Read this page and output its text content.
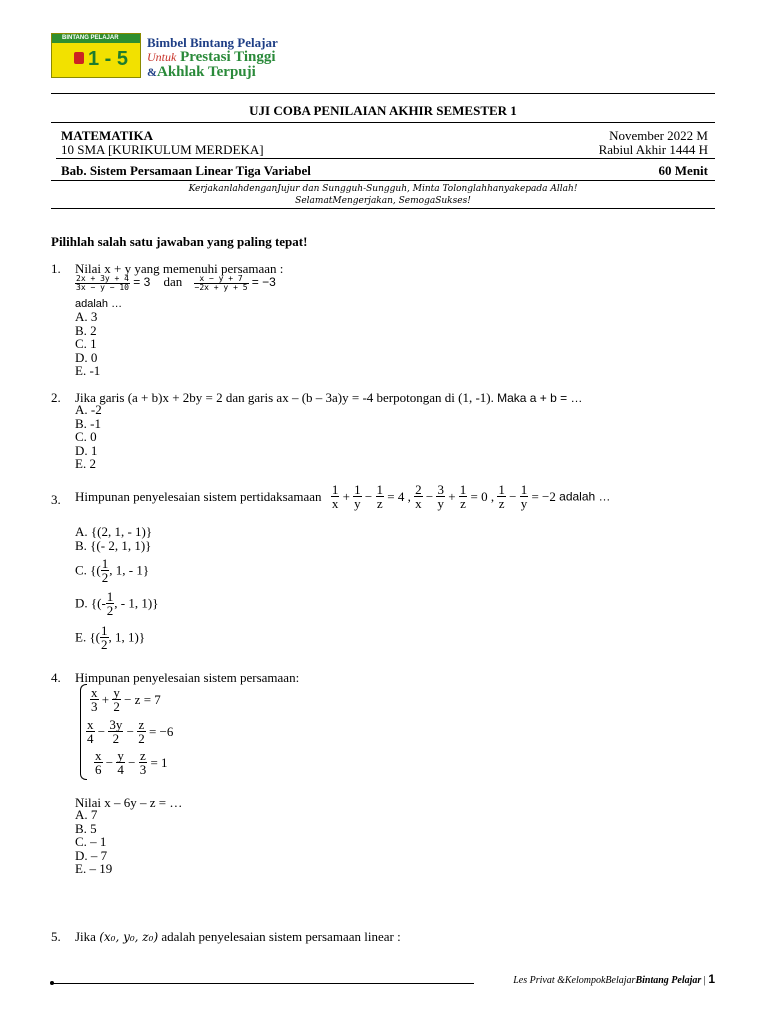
BINTANG PELAJAR
1 - 5
Bimbel Bintang Pelajar
Untuk Prestasi Tinggi
&Akhlak Terpuji
UJI COBA PENILAIAN AKHIR SEMESTER 1
MATEMATIKA	November 2022 M
10 SMA [KURIKULUM MERDEKA]	Rabiul Akhir 1444 H
Bab. Sistem Persamaan Linear Tiga Variabel	60 Menit
KerjakanlahdenganJujur dan Sungguh-Sungguh, Minta Tolonglahhanyakepada Allah!
SelamatMengerjakan, SemogaSukses!
Pilihlah salah satu jawaban yang paling tepat!
1. Nilai x + y yang memenuhi persamaan :
$\frac{2x + 3y + 4}{3x - y - 10} = 3$ dan $\frac{x - y + 7}{-2x + y + 5} = -3$
adalah …
A. 3
B. 2
C. 1
D. 0
E. -1
2. Jika garis (a + b)x + 2by = 2 dan garis ax – (b – 3a)y = -4 berpotongan di (1, -1). Maka a + b = …
A. -2
B. -1
C. 0
D. 1
E. 2
3. Himpunan penyelesaian sistem pertidaksamaan $\frac{1}{x} + \frac{1}{y} - \frac{1}{z} = 4$ , $\frac{2}{x} - \frac{3}{y} + \frac{1}{z} = 0$ , $\frac{1}{z} - \frac{1}{y} = -2$ adalah …
A. {(2, 1, - 1)}
B. {(- 2, 1, 1)}
C. {( $\frac{1}{2}$ , 1, - 1}
D. {(- $\frac{1}{2}$ , - 1, 1)}
E. {( $\frac{1}{2}$ , 1, 1)}
4. Himpunan penyelesaian sistem persamaan:
$\frac{x}{3} + \frac{y}{2} - z = 7$
$\frac{x}{4} - \frac{3y}{2} - \frac{z}{2} = -6$
$\frac{x}{6} - \frac{y}{4} - \frac{z}{3} = 1$
Nilai x – 6y – z = …
A. 7
B. 5
C. – 1
D. – 7
E. – 19
5. Jika (x₀, y₀, z₀) adalah penyelesaian sistem persamaan linear :
Les Privat &KelompokBelajarBintang Pelajar | 1
